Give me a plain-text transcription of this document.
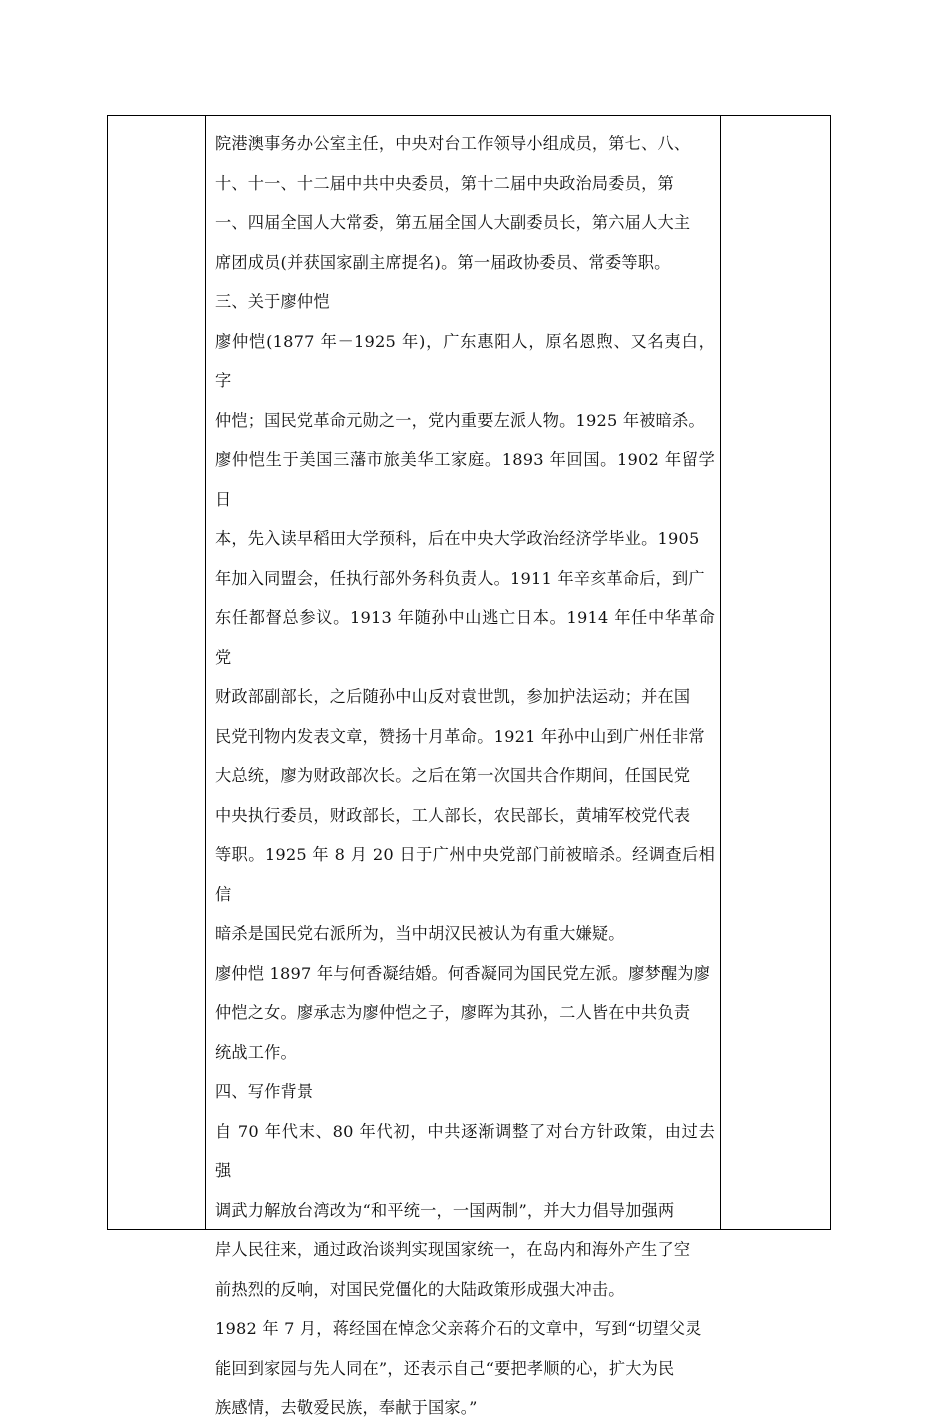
院港澳事务办公室主任，中央对台工作领导小组成员，第七、八、

十、十一、十二届中共中央委员，第十二届中央政治局委员，第

一、四届全国人大常委，第五届全国人大副委员长，第六届人大主

席团成员(并获国家副主席提名)。第一届政协委员、常委等职。

三、关于廖仲恺

廖仲恺(1877 年－1925 年)，广东惠阳人，原名恩煦、又名夷白，字

仲恺；国民党革命元勋之一，党内重要左派人物。1925 年被暗杀。

廖仲恺生于美国三藩市旅美华工家庭。1893 年回国。1902 年留学日

本，先入读早稻田大学预科，后在中央大学政治经济学毕业。1905

年加入同盟会，任执行部外务科负责人。1911 年辛亥革命后，到广

东任都督总参议。1913 年随孙中山逃亡日本。1914 年任中华革命党

财政部副部长，之后随孙中山反对袁世凯，参加护法运动；并在国

民党刊物内发表文章，赞扬十月革命。1921 年孙中山到广州任非常

大总统，廖为财政部次长。之后在第一次国共合作期间，任国民党

中央执行委员，财政部长，工人部长，农民部长，黄埔军校党代表

等职。1925 年 8 月 20 日于广州中央党部门前被暗杀。经调查后相信

暗杀是国民党右派所为，当中胡汉民被认为有重大嫌疑。

廖仲恺 1897 年与何香凝结婚。何香凝同为国民党左派。廖梦醒为廖

仲恺之女。廖承志为廖仲恺之子，廖晖为其孙，二人皆在中共负责

统战工作。

四、写作背景

自 70 年代末、80 年代初，中共逐渐调整了对台方针政策，由过去强

调武力解放台湾改为“和平统一，一国两制”，并大力倡导加强两

岸人民往来，通过政治谈判实现国家统一，在岛内和海外产生了空

前热烈的反响，对国民党僵化的大陆政策形成强大冲击。

1982 年 7 月，蒋经国在悼念父亲蒋介石的文章中，写到“切望父灵

能回到家园与先人同在”，还表示自己“要把孝顺的心，扩大为民

族感情，去敬爱民族，奉献于国家。”
